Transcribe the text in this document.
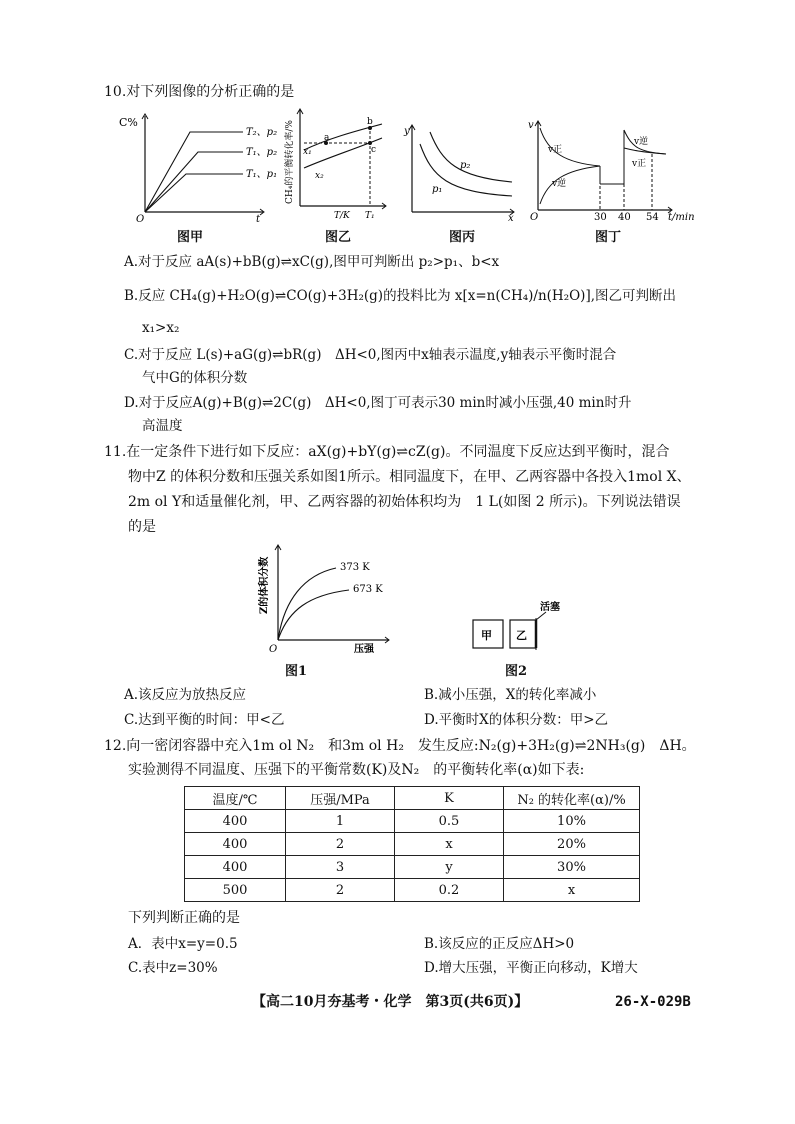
10.对下列图像的分析正确的是
C%
T₂、p₂
T₁、p₂
T₁、p₁
O	t
图甲
a
b
c
x₁
x₂
CH₄的平衡转化率/%
T/K T₁
图乙
y
p₂
p₁
x
图丙
v
v正
v逆
v逆
v正
O	30 40 54 t/min
图丁
A.对于反应 aA(s)+bB(g)⇌xC(g),图甲可判断出 p₂>p₁、b<x
B.反应 CH₄(g)+H₂O(g)⇌CO(g)+3H₂(g)的投料比为 x[x=n(CH₄)/n(H₂O)],图乙可判断出
x₁>x₂
C.对于反应 L(s)+aG(g)⇌bR(g)　ΔH<0,图丙中x轴表示温度,y轴表示平衡时混合
气中G的体积分数
D.对于反应A(g)+B(g)⇌2C(g)　ΔH<0,图丁可表示30 min时减小压强,40 min时升
高温度
11.在一定条件下进行如下反应：aX(g)+bY(g)⇌cZ(g)。不同温度下反应达到平衡时，混合
物中Z 的体积分数和压强关系如图1所示。相同温度下，在甲、乙两容器中各投入1mol X、
2m ol Y和适量催化剂，甲、乙两容器的初始体积均为　1 L(如图 2 所示)。下列说法错误
的是
373 K
673 K
Z的体积分数
O	压强
图1
甲 乙
活塞
图2
A.该反应为放热反应	B.减小压强，X的转化率减小
C.达到平衡的时间：甲<乙	D.平衡时X的体积分数：甲>乙
12.向一密闭容器中充入1m ol N₂　和3m ol H₂　发生反应:N₂(g)+3H₂(g)⇌2NH₃(g)　ΔH。
实验测得不同温度、压强下的平衡常数(K)及N₂　的平衡转化率(α)如下表:
温度/℃	压强/MPa	K	N₂ 的转化率(α)/%
400	1	0.5	10%
400	2	x	20%
400	3	y	30%
500	2	0.2	x
下列判断正确的是
A．表中x=y=0.5	B.该反应的正反应ΔH>0
C.表中z=30%	D.增大压强，平衡正向移动，K增大
【高二10月夯基考・化学　第3页(共6页)】	26-X-029B
